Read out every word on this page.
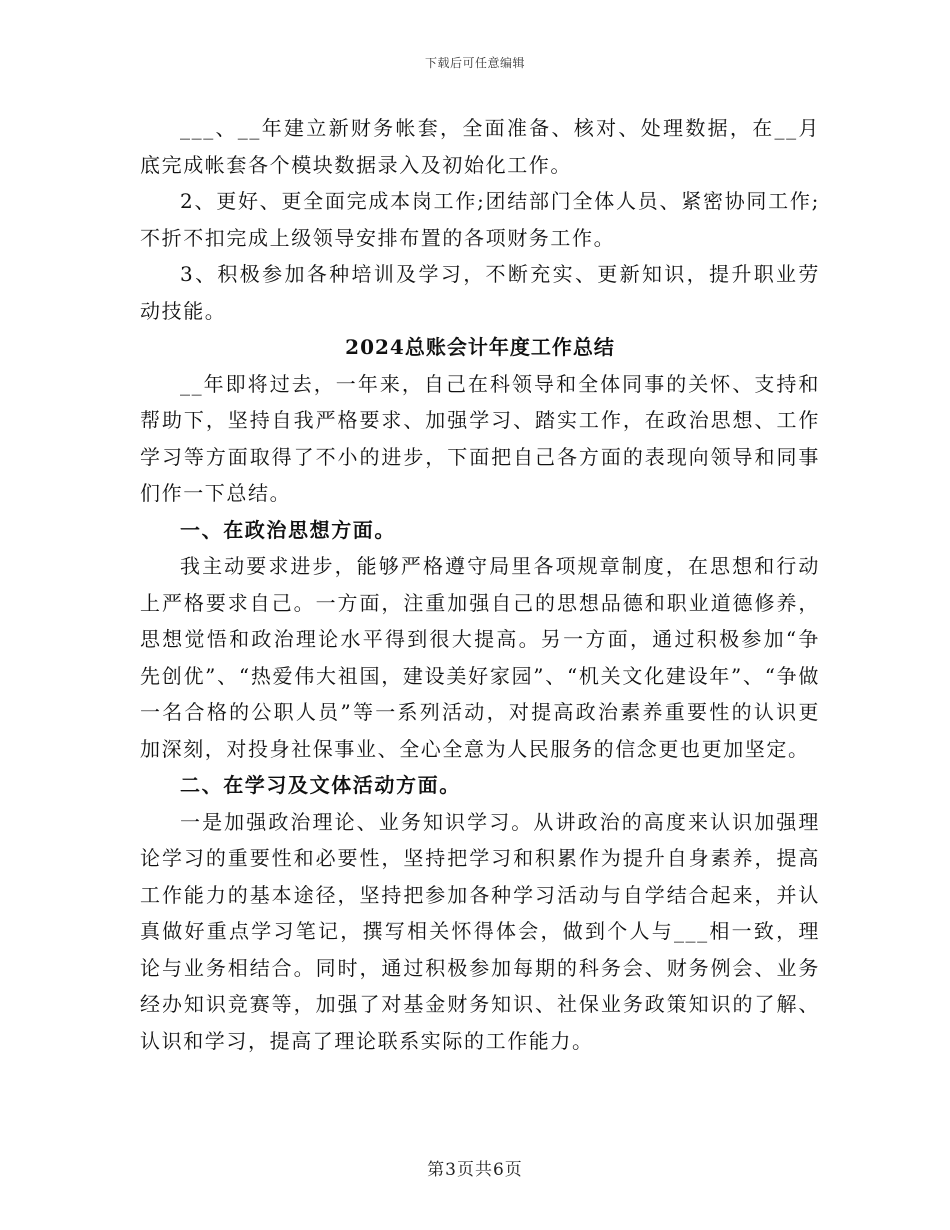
下载后可任意编辑

___、__年建立新财务帐套，全面准备、核对、处理数据，在__月底完成帐套各个模块数据录入及初始化工作。

2、更好、更全面完成本岗工作;团结部门全体人员、紧密协同工作;不折不扣完成上级领导安排布置的各项财务工作。

3、积极参加各种培训及学习，不断充实、更新知识，提升职业劳动技能。

2024总账会计年度工作总结

__年即将过去，一年来，自己在科领导和全体同事的关怀、支持和帮助下，坚持自我严格要求、加强学习、踏实工作，在政治思想、工作学习等方面取得了不小的进步，下面把自己各方面的表现向领导和同事们作一下总结。

一、在政治思想方面。

我主动要求进步，能够严格遵守局里各项规章制度，在思想和行动上严格要求自己。一方面，注重加强自己的思想品德和职业道德修养，思想觉悟和政治理论水平得到很大提高。另一方面，通过积极参加“争先创优”、“热爱伟大祖国，建设美好家园”、“机关文化建设年”、“争做一名合格的公职人员”等一系列活动，对提高政治素养重要性的认识更加深刻，对投身社保事业、全心全意为人民服务的信念更也更加坚定。

二、在学习及文体活动方面。

一是加强政治理论、业务知识学习。从讲政治的高度来认识加强理论学习的重要性和必要性，坚持把学习和积累作为提升自身素养，提高工作能力的基本途径，坚持把参加各种学习活动与自学结合起来，并认真做好重点学习笔记，撰写相关怀得体会，做到个人与___相一致，理论与业务相结合。同时，通过积极参加每期的科务会、财务例会、业务经办知识竞赛等，加强了对基金财务知识、社保业务政策知识的了解、认识和学习，提高了理论联系实际的工作能力。

第3页共6页
